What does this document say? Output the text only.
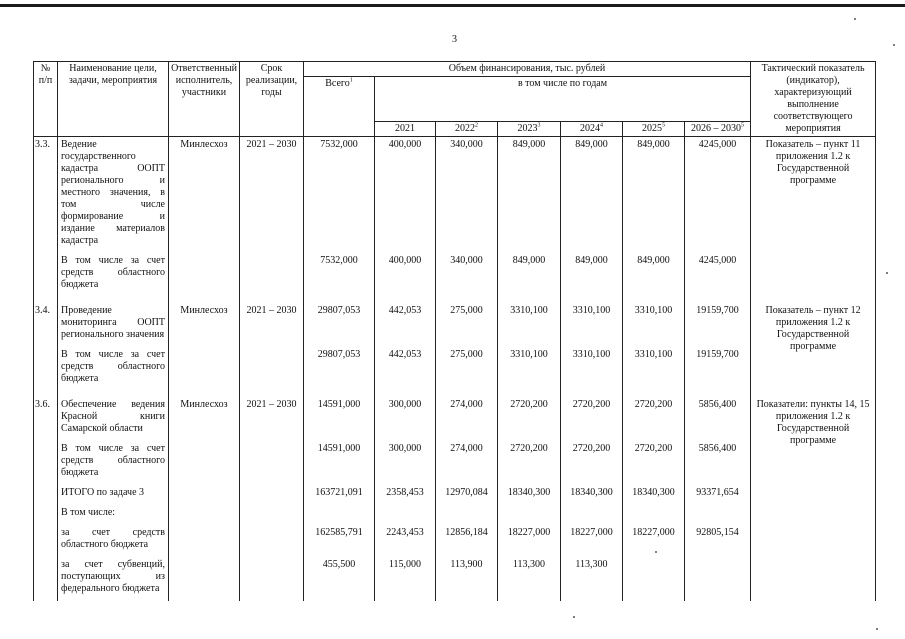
3
№ п/п	Наименование цели, задачи, мероприятия	Ответственный исполнитель, участники	Срок реализации, годы	Объем финансирования, тыс. рублей							Тактический показатель (индикатор), характеризующий выполнение соответствующего мероприятия
				Всего$^1$	в том числе по годам						
					2021	2022$^2$	2023$^3$	2024$^4$	2025$^5$	2026 – 2030$^5$
3.3.	Ведение государственного кадастра ООПТ регионального и местного значения, в том числе формирование и издание материалов кадастра	Минлесхоз	2021 – 2030	7532,000	400,000	340,000	849,000	849,000	849,000	4245,000	Показатель – пункт 11 приложения 1.2 к Государственной программе
	В том числе за счет средств областного бюджета			7532,000	400,000	340,000	849,000	849,000	849,000	4245,000	

3.4.	Проведение мониторинга ООПТ регионального значения	Минлесхоз	2021 – 2030	29807,053	442,053	275,000	3310,100	3310,100	3310,100	19159,700	Показатель – пункт 12 приложения 1.2 к Государственной программе
	В том числе за счет средств областного бюджета			29807,053	442,053	275,000	3310,100	3310,100	3310,100	19159,700	

3.6.	Обеспечение ведения Красной книги Самарской области	Минлесхоз	2021 – 2030	14591,000	300,000	274,000	2720,200	2720,200	2720,200	5856,400	Показатели: пункты 14, 15 приложения 1.2 к Государственной программе
	В том числе за счет средств областного бюджета			14591,000	300,000	274,000	2720,200	2720,200	2720,200	5856,400	
	ИТОГО по задаче 3			163721,091	2358,453	12970,084	18340,300	18340,300	18340,300	93371,654	
	В том числе:										
	за счет средств областного бюджета			162585,791	2243,453	12856,184	18227,000	18227,000	18227,000	92805,154	
	за счет субвенций, поступающих из федерального бюджета			455,500	115,000	113,900	113,300	113,300			
